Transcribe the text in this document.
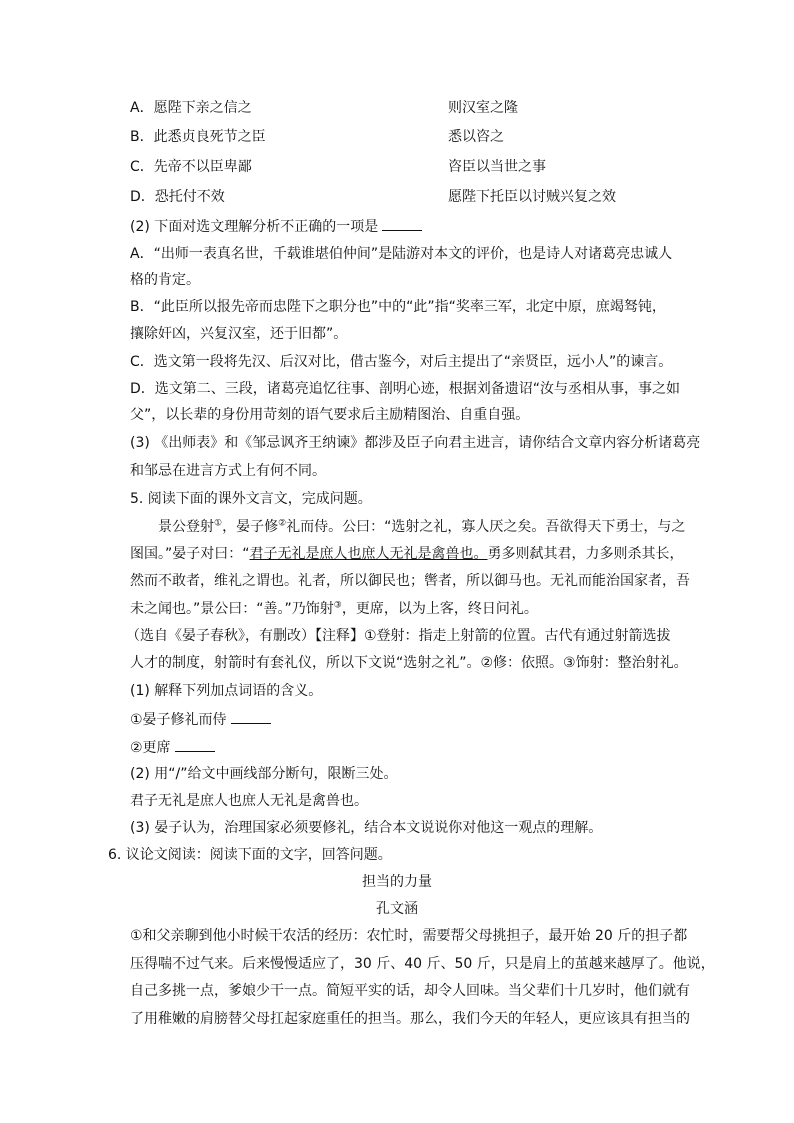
A．愿陛下亲之信之	则汉室之隆
B．此悉贞良死节之臣	悉以咨之
C．先帝不以臣卑鄙	咨臣以当世之事
D．恐托付不效	愿陛下托臣以讨贼兴复之效
(2) 下面对选文理解分析不正确的一项是
A．“出师一表真名世，千载谁堪伯仲间”是陆游对本文的评价，也是诗人对诸葛亮忠诚人
格的肯定。
B．“此臣所以报先帝而忠陛下之职分也”中的“此”指“奖率三军，北定中原，庶竭驽钝，
攘除奸凶，兴复汉室，还于旧都”。
C．选文第一段将先汉、后汉对比，借古鉴今，对后主提出了“亲贤臣，远小人”的谏言。
D．选文第二、三段，诸葛亮追忆往事、剖明心迹，根据刘备遗诏“汝与丞相从事，事之如
父”，以长辈的身份用苛刻的语气要求后主励精图治、自重自强。
(3) 《出师表》和《邹忌讽齐王纳谏》都涉及臣子向君主进言，请你结合文章内容分析诸葛亮
和邹忌在进言方式上有何不同。
5. 阅读下面的课外文言文，完成问题。
景公登射①，晏子修②礼而侍。公曰：“选射之礼，寡人厌之矣。吾欲得天下勇士，与之
图国。”晏子对曰：“君子无礼是庶人也庶人无礼是禽兽也。勇多则弑其君，力多则杀其长，
然而不敢者，维礼之谓也。礼者，所以御民也；辔者，所以御马也。无礼而能治国家者，吾
未之闻也。”景公曰：“善。”乃饰射③，更席，以为上客，终日问礼。
（选自《晏子春秋》，有删改）【注释】①登射：指走上射箭的位置。古代有通过射箭选拔
人才的制度，射箭时有套礼仪，所以下文说“选射之礼”。②修：依照。③饰射：整治射礼。
(1) 解释下列加点词语的含义。
①晏子修礼而侍
②更席
(2) 用“/”给文中画线部分断句，限断三处。
君子无礼是庶人也庶人无礼是禽兽也。
(3) 晏子认为，治理国家必须要修礼，结合本文说说你对他这一观点的理解。
6. 议论文阅读：阅读下面的文字，回答问题。
担当的力量
孔文涵
①和父亲聊到他小时候干农活的经历：农忙时，需要帮父母挑担子，最开始 20 斤的担子都
压得喘不过气来。后来慢慢适应了，30 斤、40 斤、50 斤，只是肩上的茧越来越厚了。他说，
自己多挑一点，爹娘少干一点。简短平实的话，却令人回味。当父辈们十几岁时，他们就有
了用稚嫩的肩膀替父母扛起家庭重任的担当。那么，我们今天的年轻人，更应该具有担当的
